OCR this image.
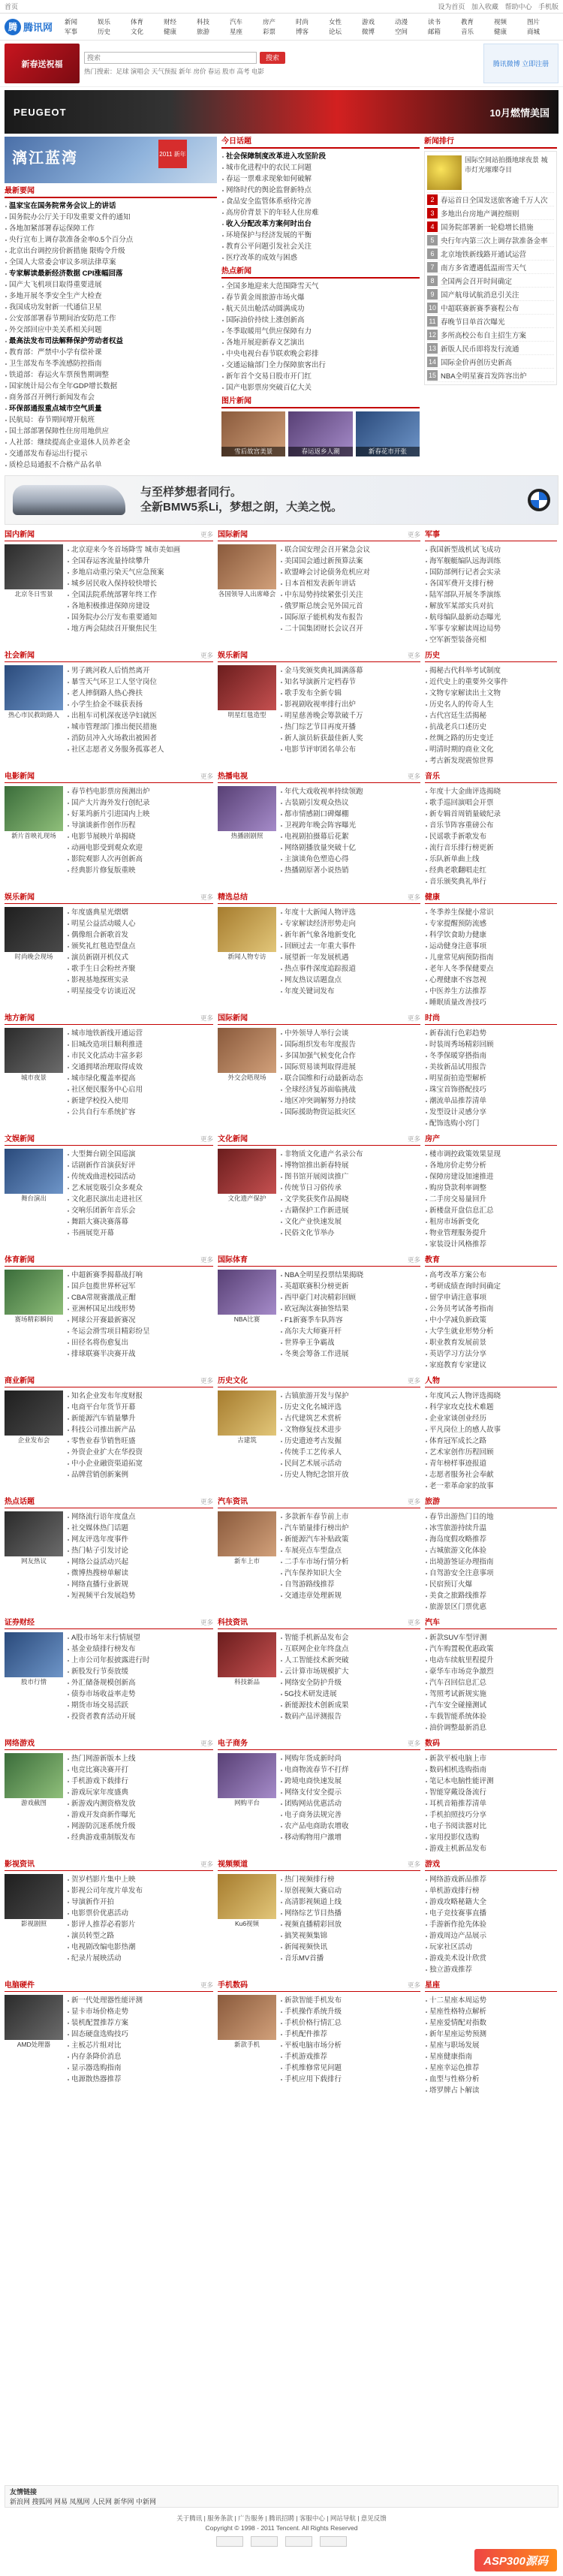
首页	设为首页 加入收藏 帮助中心 手机版
腾 腾讯网 新闻	娱乐	体育	财经	科技	汽车	房产	时尚	女性	游戏	动漫	读书	教育	视频	图片
军事	历史	文化	健康	旅游	星座	彩票	博客	论坛	微博	空间	邮箱	音乐	健康	商城
新春送祝福
搜索
搜索
热门搜索：足球 演唱会 天气预报 新年 房价 春运 股市 高考 电影
腾讯微博 立即注册
PEUGEOT	10月燃情美国
漓江蓝湾	2011 新年
最新要闻
温家宝在国务院常务会议上的讲话
国务院办公厅关于印发重要文件的通知
各地加紧部署春运保障工作
央行宣布上调存款准备金率0.5个百分点
北京出台调控房价新措施 限购令升级
全国人大常委会审议多项法律草案
专家解读最新经济数据 CPI涨幅回落
国产大飞机项目取得重要进展
多地开展冬季安全生产大检查
我国成功发射新一代通信卫星
公安部部署春节期间治安防范工作
外交部回应中美关系相关问题
最高法发布司法解释保护劳动者权益
教育部：严禁中小学有偿补课
卫生部发布冬季流感防控指南
铁道部：春运火车票预售期调整
国家统计局公布全年GDP增长数据
商务部召开例行新闻发布会
环保部通报重点城市空气质量
民航局：春节期间增开航班
国土部部署保障性住房用地供应
人社部：继续提高企业退休人员养老金
交通部发布春运出行提示
质检总局通报不合格产品名单
今日话题
社会保障制度改革进入攻坚阶段
城市化进程中的农民工问题
春运一票难求现象如何破解
网络时代的舆论监督新特点
食品安全监管体系亟待完善
高房价背景下的年轻人住房难
收入分配改革方案何时出台
环境保护与经济发展的平衡
教育公平问题引发社会关注
医疗改革的成效与困惑
热点新闻
全国多地迎来大范围降雪天气
春节黄金周旅游市场火爆
航天员出舱活动圆满成功
国际油价持续上涨创新高
冬季取暖用气供应保障有力
各地开展迎新春文艺演出
中央电视台春节联欢晚会彩排
交通运输部门全力保障旅客出行
新年首个交易日股市开门红
国产电影票房突破百亿大关
图片新闻
雪后故宫美景	春运返乡人潮	新春花市开张
新闻排行
国际空间站拍摄地球夜景 城市灯光璀璨夺目
2 春运首日全国发送旅客逾千万人次
3 多地出台房地产调控细则
4 国务院部署新一轮稳增长措施
5 央行年内第三次上调存款准备金率
6 北京地铁新线路开通试运营
7 南方多省遭遇低温雨雪天气
8 全国两会召开时间确定
9 国产航母试航消息引关注
10 中超联赛新赛季赛程公布
11 春晚节目单首次曝光
12 多所高校公布自主招生方案
13 新版人民币即将发行流通
14 国际金价再创历史新高
15 NBA全明星赛首发阵容出炉
与至样梦想者同行。
全新BMW5系Li，梦想之朗，大美之悦。
国内新闻	更多
北京冬日雪景
北京迎来今冬首场降雪 城市美如画
全国春运客流量持续攀升
多地启动重污染天气应急预案
城乡居民收入保持较快增长
全国法院系统部署年终工作
各地积极推进保障房建设
国务院办公厅发布重要通知
地方两会陆续召开聚焦民生
国际新闻	更多
各国领导人出席峰会
联合国安理会召开紧急会议
美国国会通过新预算法案
欧盟峰会讨论债务危机应对
日本首相发表新年讲话
中东局势持续紧张引关注
俄罗斯总统会见外国元首
国际原子能机构发布报告
二十国集团财长会议召开
军事
我国新型战机试飞成功
海军舰艇编队远海训练
国防部例行记者会实录
各国军费开支排行榜
陆军部队开展冬季演练
解放军某部实兵对抗
航母编队最新动态曝光
军事专家解读周边局势
空军新型装备亮相
社会新闻	更多
热心市民救助路人
男子跳河救人后悄然离开
暴雪天气环卫工人坚守岗位
老人摔倒路人热心搀扶
小学生拾金不昧获表扬
出租车司机深夜送孕妇就医
城市管理部门推出便民措施
消防员冲入火场救出被困者
社区志愿者义务服务孤寡老人
娱乐新闻	更多
明星红毯造型
金马奖颁奖典礼圆满落幕
知名导演新片定档春节
歌手发布全新专辑
影视剧收视率排行出炉
明星慈善晚会筹款破千万
热门综艺节目再度开播
新人演员斩获最佳新人奖
电影节评审团名单公布
历史
揭秘古代科举考试制度
近代史上的重要外交事件
文物专家解读出土文物
历史名人的传奇人生
古代宫廷生活揭秘
抗战老兵口述历史
丝绸之路的历史变迁
明清时期的商业文化
考古新发现震惊世界
电影新闻	更多
新片首映礼现场
春节档电影票房预测出炉
国产大片海外发行创纪录
好莱坞新片引进国内上映
导演谈新作创作历程
电影节展映片单揭晓
动画电影受到观众欢迎
影院观影人次再创新高
经典影片修复版重映
热播电视	更多
热播剧剧照
年代大戏收视率持续领跑
古装剧引发观众热议
都市情感剧口碑爆棚
卫视跨年晚会阵容曝光
电视剧拍摄幕后花絮
网络剧播放量突破十亿
主演谈角色塑造心得
热播剧原著小说热销
音乐
年度十大金曲评选揭晓
歌手巡回演唱会开票
新专辑首周销量破纪录
音乐节阵容重磅公布
民谣歌手新歌发布
流行音乐排行榜更新
乐队新单曲上线
经典老歌翻唱走红
音乐颁奖典礼举行
娱乐新闻	更多
时尚晚会现场
年度盛典星光熠熠
明星公益活动暖人心
偶像组合新歌首发
颁奖礼红毯造型盘点
演员新剧开机仪式
歌手生日会粉丝齐聚
影视基地探班实录
明星接受专访谈近况
精选总结	更多
新闻人物专访
年度十大新闻人物评选
专家解读经济形势走向
新年新气象各地新变化
回顾过去一年重大事件
展望新一年发展机遇
热点事件深度追踪报道
网友热议话题盘点
年度关键词发布
健康
冬季养生保健小常识
专家提醒预防流感
科学饮食助力健康
运动健身注意事项
儿童常见病预防指南
老年人冬季保健要点
心理健康不容忽视
中医养生方法推荐
睡眠质量改善技巧
地方新闻	更多
城市夜景
城市地铁新线开通运营
旧城改造项目顺利推进
市民文化活动丰富多彩
交通拥堵治理取得成效
城市绿化覆盖率提高
社区便民服务中心启用
新建学校投入使用
公共自行车系统扩容
国际新闻	更多
外交会晤现场
中外领导人举行会谈
国际组织发布年度报告
多国加强气候变化合作
国际贸易谈判取得进展
联合国维和行动最新动态
全球经济复苏面临挑战
地区冲突调解努力持续
国际援助物资运抵灾区
时尚
新春流行色彩趋势
时装周秀场精彩回顾
冬季保暖穿搭指南
美妆新品试用报告
明星街拍造型解析
珠宝首饰搭配技巧
潮流单品推荐清单
发型设计灵感分享
配饰选购小窍门
文娱新闻	更多
舞台演出
大型舞台剧全国巡演
话剧新作首演获好评
传统戏曲进校园活动
艺术展览吸引众多观众
文化惠民演出走进社区
交响乐团新年音乐会
舞蹈大赛决赛落幕
书画展览开幕
文化新闻	更多
文化遗产保护
非物质文化遗产名录公布
博物馆推出新春特展
图书馆开展阅读推广
传统节日习俗传承
文学奖获奖作品揭晓
古籍保护工作新进展
文化产业快速发展
民俗文化节举办
房产
楼市调控政策效果显现
各地房价走势分析
保障房建设加速推进
购房贷款利率调整
二手房交易量回升
新楼盘开盘信息汇总
租房市场新变化
物业管理服务提升
家装设计风格推荐
体育新闻	更多
赛场精彩瞬间
中超新赛季揭幕战打响
国乒包揽世界杯冠军
CBA常规赛激战正酣
亚洲杯国足出线形势
网球公开赛最新赛况
冬运会滑雪项目精彩纷呈
田径名将伤愈复出
排球联赛半决赛开战
国际体育	更多
NBA比赛
NBA全明星投票结果揭晓
英超联赛积分榜更新
西甲豪门对决精彩回顾
欧冠淘汰赛抽签结果
F1新赛季车队阵容
高尔夫大师赛开杆
世界拳王争霸战
冬奥会筹备工作进展
教育
高考改革方案公布
考研成绩查询时间确定
留学申请注意事项
公务员考试备考指南
中小学减负新政策
大学生就业形势分析
职业教育发展前景
英语学习方法分享
家庭教育专家建议
商业新闻	更多
企业发布会
知名企业发布年度财报
电商平台年货节开幕
新能源汽车销量攀升
科技公司推出新产品
零售业春节销售旺盛
外资企业扩大在华投资
中小企业融资渠道拓宽
品牌营销创新案例
历史文化	更多
古建筑
古镇旅游开发与保护
历史文化名城评选
古代建筑艺术赏析
文物修复技术进步
历史遗迹考古发掘
传统手工艺传承人
民间艺术展示活动
历史人物纪念馆开放
人物
年度风云人物评选揭晓
科学家攻克技术难题
企业家谈创业经历
平凡岗位上的感人故事
体育冠军成长之路
艺术家创作历程回顾
青年榜样事迹报道
志愿者服务社会奉献
老一辈革命家的故事
热点话题	更多
网友热议
网络流行语年度盘点
社交媒体热门话题
网友评选年度事件
热门帖子引发讨论
网络公益活动兴起
微博热搜榜单解读
网络直播行业新规
短视频平台发展趋势
汽车资讯	更多
新车上市
多款新车春节前上市
汽车销量排行榜出炉
新能源汽车补贴政策
车展亮点车型盘点
二手车市场行情分析
汽车保养知识大全
自驾游路线推荐
交通违章处理新规
旅游
春节出游热门目的地
冰雪旅游持续升温
海岛度假攻略推荐
古城旅游文化体验
出境游签证办理指南
自驾游安全注意事项
民宿预订火爆
美食之旅路线推荐
旅游景区门票优惠
证券财经	更多
股市行情
A股市场年末行情展望
基金业绩排行榜发布
上市公司年报披露进行时
新股发行节奏放缓
外汇储备规模创新高
债券市场收益率走势
期货市场交易活跃
投资者教育活动开展
科技资讯	更多
科技新品
智能手机新品发布会
互联网企业年终盘点
人工智能技术新突破
云计算市场规模扩大
网络安全防护升级
5G技术研发进展
新能源技术创新成果
数码产品评测报告
汽车
新款SUV车型评测
汽车购置税优惠政策
电动车续航里程提升
豪华车市场竞争激烈
汽车召回信息汇总
驾照考试新规实施
汽车安全碰撞测试
车载智能系统体验
油价调整最新消息
网络游戏	更多
游戏截图
热门网游新版本上线
电竞比赛决赛开打
手机游戏下载排行
游戏玩家年度盛典
新游戏内测资格发放
游戏开发商新作曝光
网游防沉迷系统升级
经典游戏重制版发布
电子商务	更多
网购平台
网购年货成新时尚
电商物流春节不打烊
跨境电商快速发展
网络支付安全提示
团购网站优惠活动
电子商务法规完善
农产品电商助农增收
移动购物用户激增
数码
新款平板电脑上市
数码相机选购指南
笔记本电脑性能评测
智能穿戴设备流行
耳机音箱推荐清单
手机拍照技巧分享
电子书阅读器对比
家用投影仪选购
游戏主机新品发布
影视资讯	更多
影视剧照
贺岁档影片集中上映
影视公司年度片单发布
导演新作开拍
电影票价优惠活动
影评人推荐必看影片
演员转型之路
电视剧改编电影热潮
纪录片展映活动
视频频道	更多
Ku6视频
热门视频排行榜
原创视频大赛启动
高清影视频道上线
网络综艺节目热播
视频直播精彩回放
搞笑视频集锦
新闻视频快讯
音乐MV首播
游戏
网络游戏新品推荐
单机游戏排行榜
游戏攻略秘籍大全
电子竞技赛事直播
手游新作抢先体验
游戏周边产品展示
玩家社区活动
游戏美术设计欣赏
独立游戏推荐
电脑硬件	更多
AMD处理器
新一代处理器性能评测
显卡市场价格走势
装机配置推荐方案
固态硬盘选购技巧
主板芯片组对比
内存条降价消息
显示器选购指南
电源散热器推荐
手机数码	更多
新款手机
新款智能手机发布
手机操作系统升级
手机价格行情汇总
手机配件推荐
平板电脑市场分析
手机游戏推荐
手机维修常见问题
手机应用下载排行
星座
十二星座本周运势
星座性格特点解析
星座爱情配对指数
新年星座运势预测
星座与职场发展
星座健康指南
星座幸运色推荐
血型与性格分析
塔罗牌占卜解读
友情链接
新浪网 搜狐网 网易 凤凰网 人民网 新华网 中新网
关于腾讯 | 服务条款 | 广告服务 | 腾讯招聘 | 客服中心 | 网站导航 | 意见反馈
Copyright © 1998 - 2011 Tencent. All Rights Reserved
ASP300源码
